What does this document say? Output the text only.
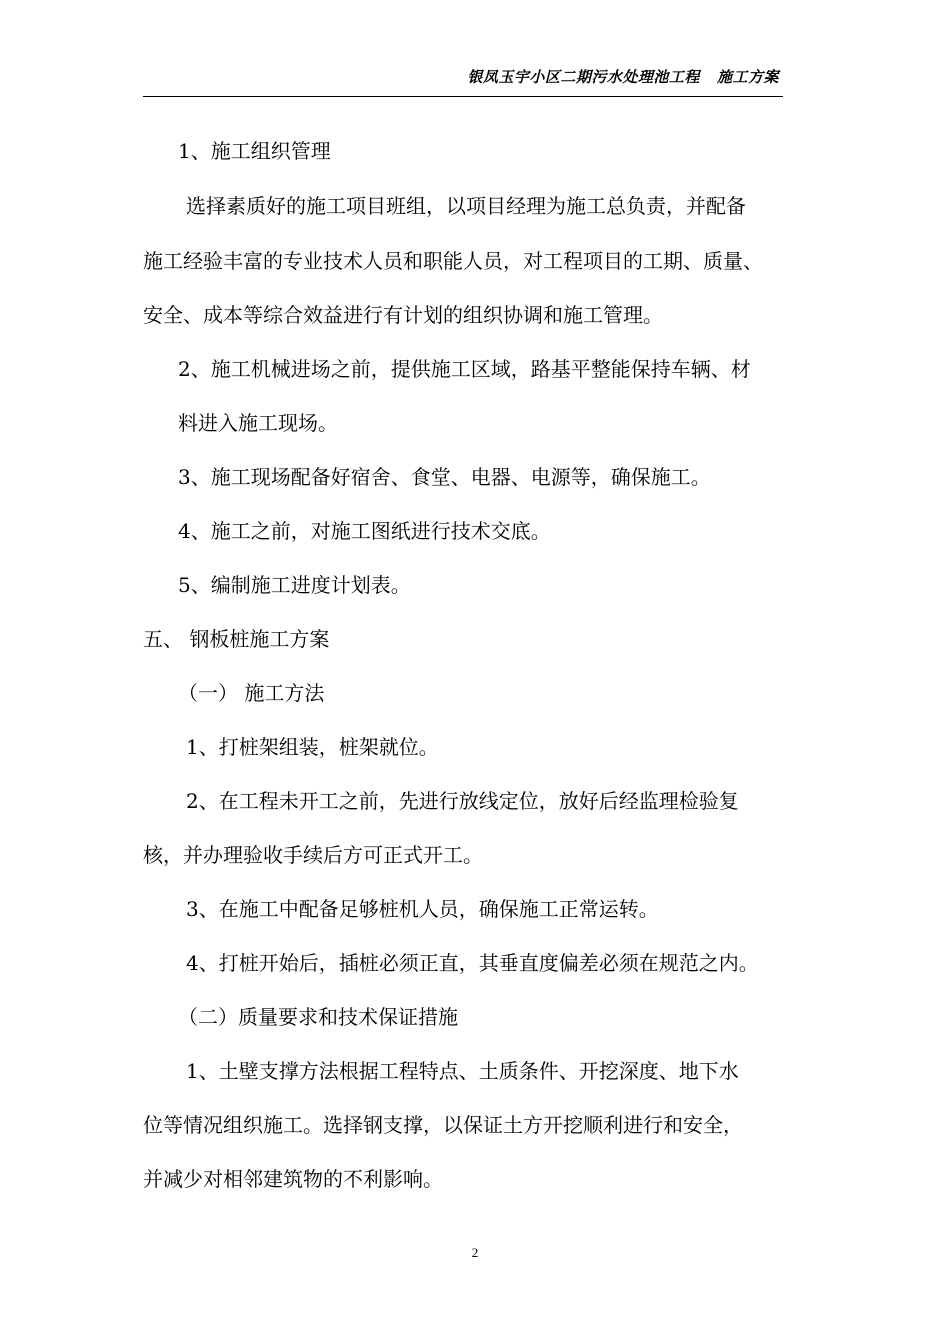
银凤玉宇小区二期污水处理池工程   施工方案
1、施工组织管理
选择素质好的施工项目班组，以项目经理为施工总负责，并配备
施工经验丰富的专业技术人员和职能人员，对工程项目的工期、质量、
安全、成本等综合效益进行有计划的组织协调和施工管理。
2、施工机械进场之前，提供施工区域，路基平整能保持车辆、材
料进入施工现场。
3、施工现场配备好宿舍、食堂、电器、电源等，确保施工。
4、施工之前，对施工图纸进行技术交底。
5、编制施工进度计划表。
五、 钢板桩施工方案
（一） 施工方法
1、打桩架组装，桩架就位。
2、在工程未开工之前，先进行放线定位，放好后经监理检验复
核，并办理验收手续后方可正式开工。
3、在施工中配备足够桩机人员，确保施工正常运转。
4、打桩开始后，插桩必须正直，其垂直度偏差必须在规范之内。
（二）质量要求和技术保证措施
1、土壁支撑方法根据工程特点、土质条件、开挖深度、地下水
位等情况组织施工。选择钢支撑，以保证土方开挖顺利进行和安全，
并减少对相邻建筑物的不利影响。
2
